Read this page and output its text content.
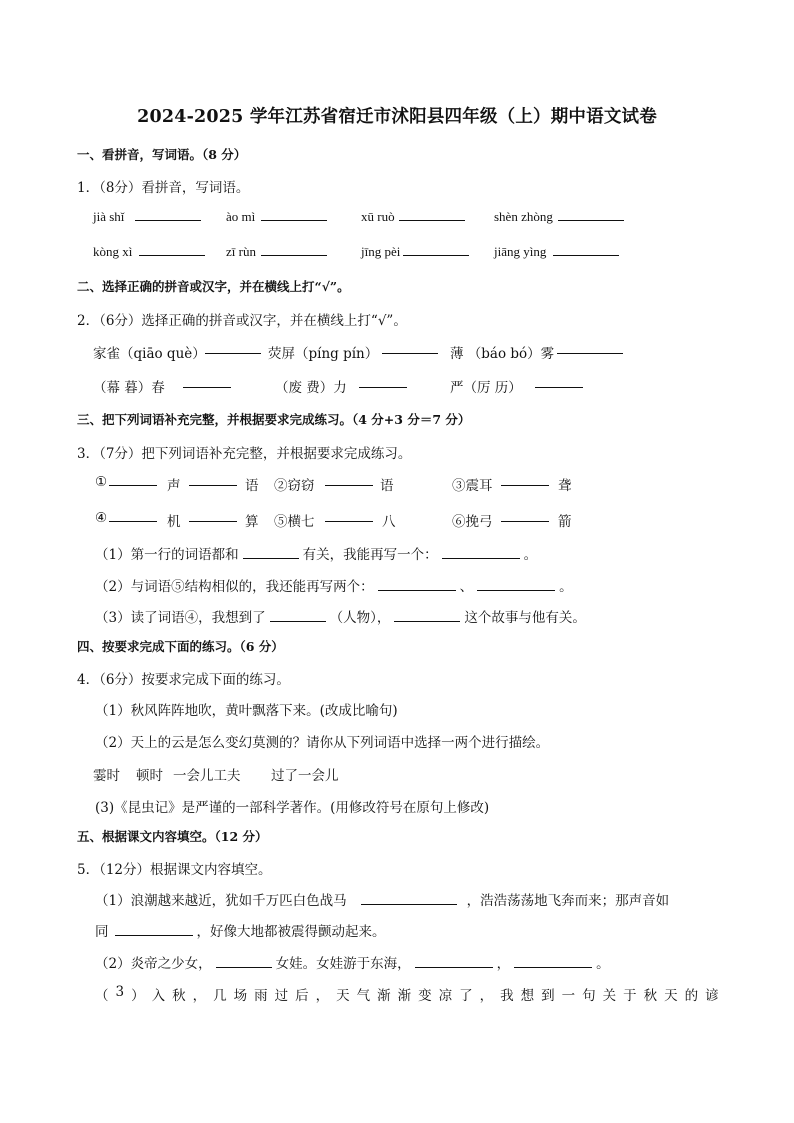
2024-2025 学年江苏省宿迁市沭阳县四年级（上）期中语文试卷
一、看拼音，写词语。（8 分）
1．（8分）看拼音，写词语。
jià shǐ	ào mì	xū ruò	shèn zhòng
kòng xì	zī rùn	jīng pèi	jiāng yìng
二、选择正确的拼音或汉字，并在横线上打“√”。
2．（6分）选择正确的拼音或汉字，并在横线上打“√”。
家雀（qiāo què）	荧屏（píng pín）	薄 （báo bó）雾
（幕 暮）春	（废 费）力	严（厉 历）
三、把下列词语补充完整，并根据要求完成练习。（4 分+3 分＝7 分）
3．（7分）把下列词语补充完整，并根据要求完成练习。
①	声	语 ②窃窃	语	③震耳	聋
④	机	算 ⑤横七	八	⑥挽弓	箭
（1）第一行的词语都和	有关，我能再写一个：	。
（2）与词语⑤结构相似的，我还能再写两个：	、	。
（3）读了词语④，我想到了	（人物），	这个故事与他有关。
四、按要求完成下面的练习。（6 分）
4．（6分）按要求完成下面的练习。
（1）秋风阵阵地吹，黄叶飘落下来。(改成比喻句)
（2）天上的云是怎么变幻莫测的？请你从下列词语中选择一两个进行描绘。
霎时 顿时 一会儿工夫 过了一会儿
(3)《昆虫记》是严谨的一部科学著作。(用修改符号在原句上修改)
五、根据课文内容填空。（12 分）
5．（12分）根据课文内容填空。
（1）浪潮越来越近，犹如千万匹白色战马	，浩浩荡荡地飞奔而来；那声音如
同	，好像大地都被震得颤动起来。
（2）炎帝之少女，	女娃。女娃游于东海，	，	。
（ 3 ） 入 秋 ， 几 场 雨 过 后 ， 天 气 渐 渐 变 凉 了 ， 我 想 到 一 句 关 于 秋 天 的 谚
